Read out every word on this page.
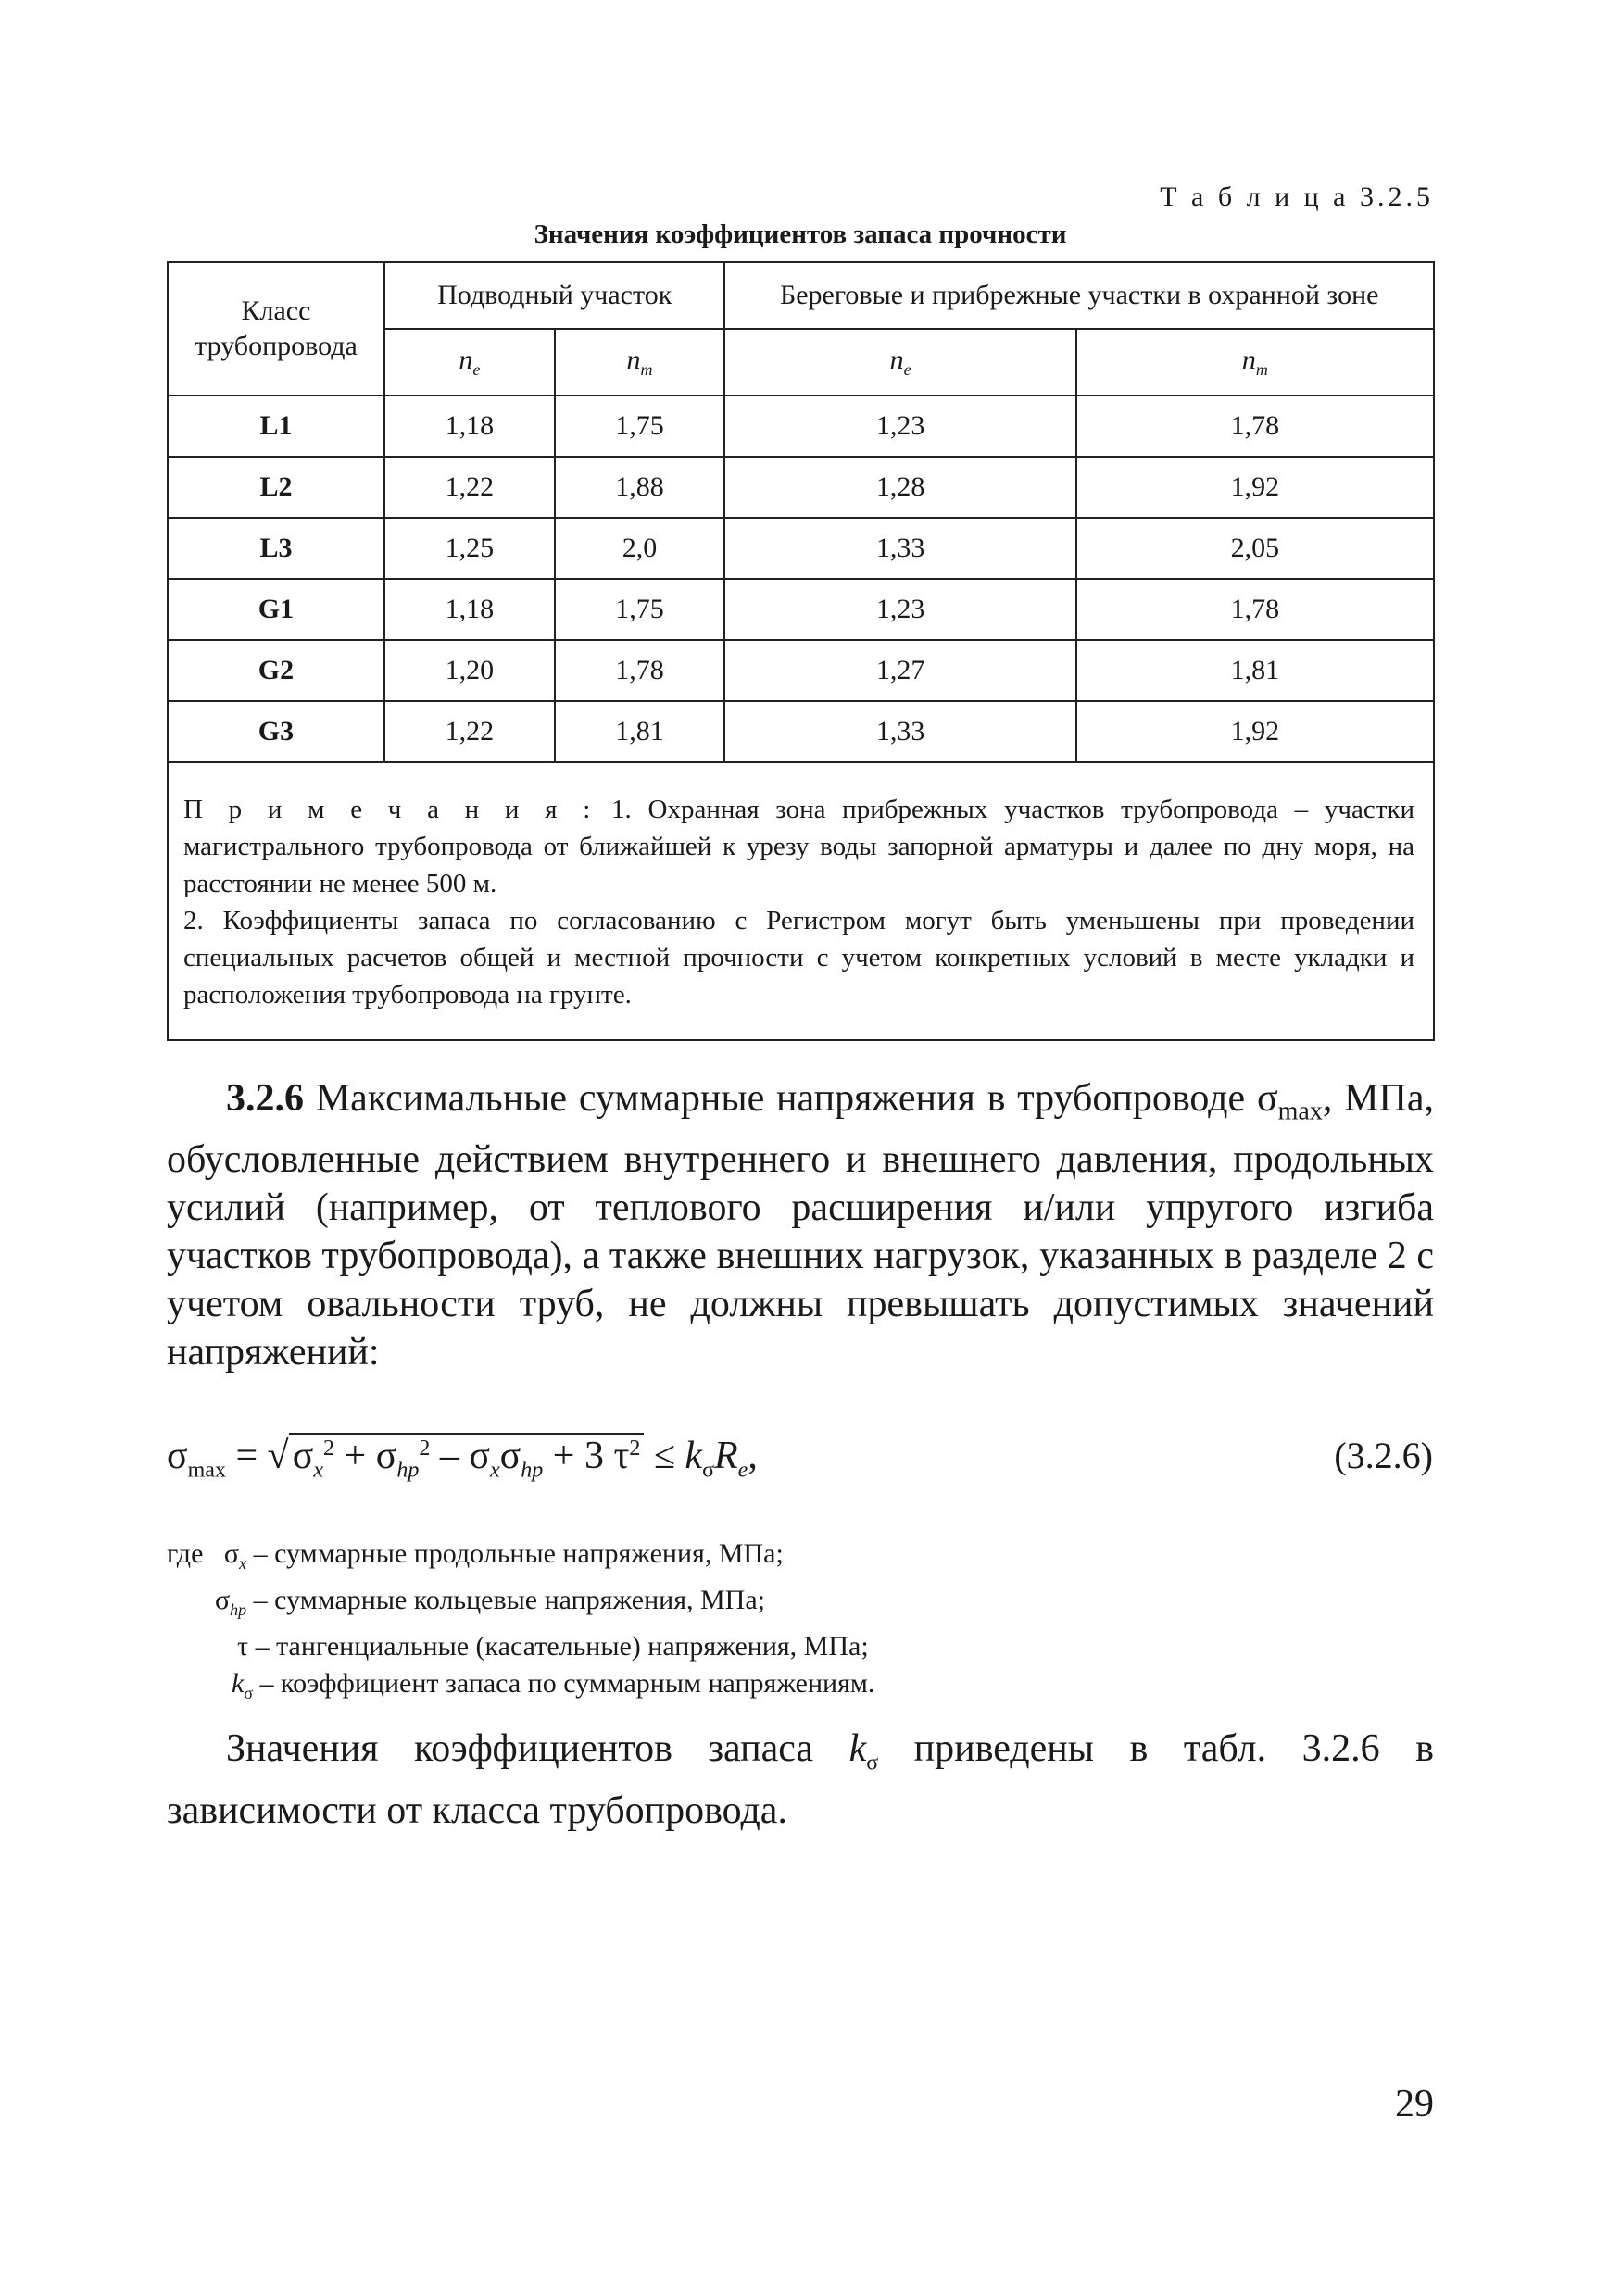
Т а б л и ц а 3.2.5
Значения коэффициентов запаса прочности
Класс трубопровода	Подводный участок		Береговые и прибрежные участки в охранной зоне	
	$n_e$	$n_m$	$n_e$	$n_m$
L1	1,18	1,75	1,23	1,78
L2	1,22	1,88	1,28	1,92
L3	1,25	2,0	1,33	2,05
G1	1,18	1,75	1,23	1,78
G2	1,20	1,78	1,27	1,81
G3	1,22	1,81	1,33	1,92
П р и м е ч а н и я : 1. Охранная зона прибрежных участков трубопровода – участки магистрального трубопровода от ближайшей к урезу воды запорной арматуры и далее по дну моря, на расстоянии не менее 500 м.
2. Коэффициенты запаса по согласованию с Регистром могут быть уменьшены при проведении специальных расчетов общей и местной прочности с учетом конкретных условий в месте укладки и расположения трубопровода на грунте.				
3.2.6 Максимальные суммарные напряжения в трубопроводе $\sigma_{max}$, МПа, обусловленные действием внутреннего и внешнего давления, продольных усилий (например, от теплового расширения и/или упругого изгиба участков трубопровода), а также внешних нагрузок, указанных в разделе 2 с учетом овальности труб, не должны превышать допустимых значений напряжений:
$\sigma_{max} = √\sigma_x^2 + \sigma_{hp}^2 - \sigma_x\sigma_{hp} + 3$ $\tau^2 \le k_\sigma R_e$,	(3.2.6)
где $\sigma_x$ – суммарные продольные напряжения, МПа;
$\sigma_{hp}$ – суммарные кольцевые напряжения, МПа;
τ – тангенциальные (касательные) напряжения, МПа;
$k_\sigma$ – коэффициент запаса по суммарным напряжениям.
Значения коэффициентов запаса $k_\sigma$ приведены в табл. 3.2.6 в зависимости от класса трубопровода.
29
